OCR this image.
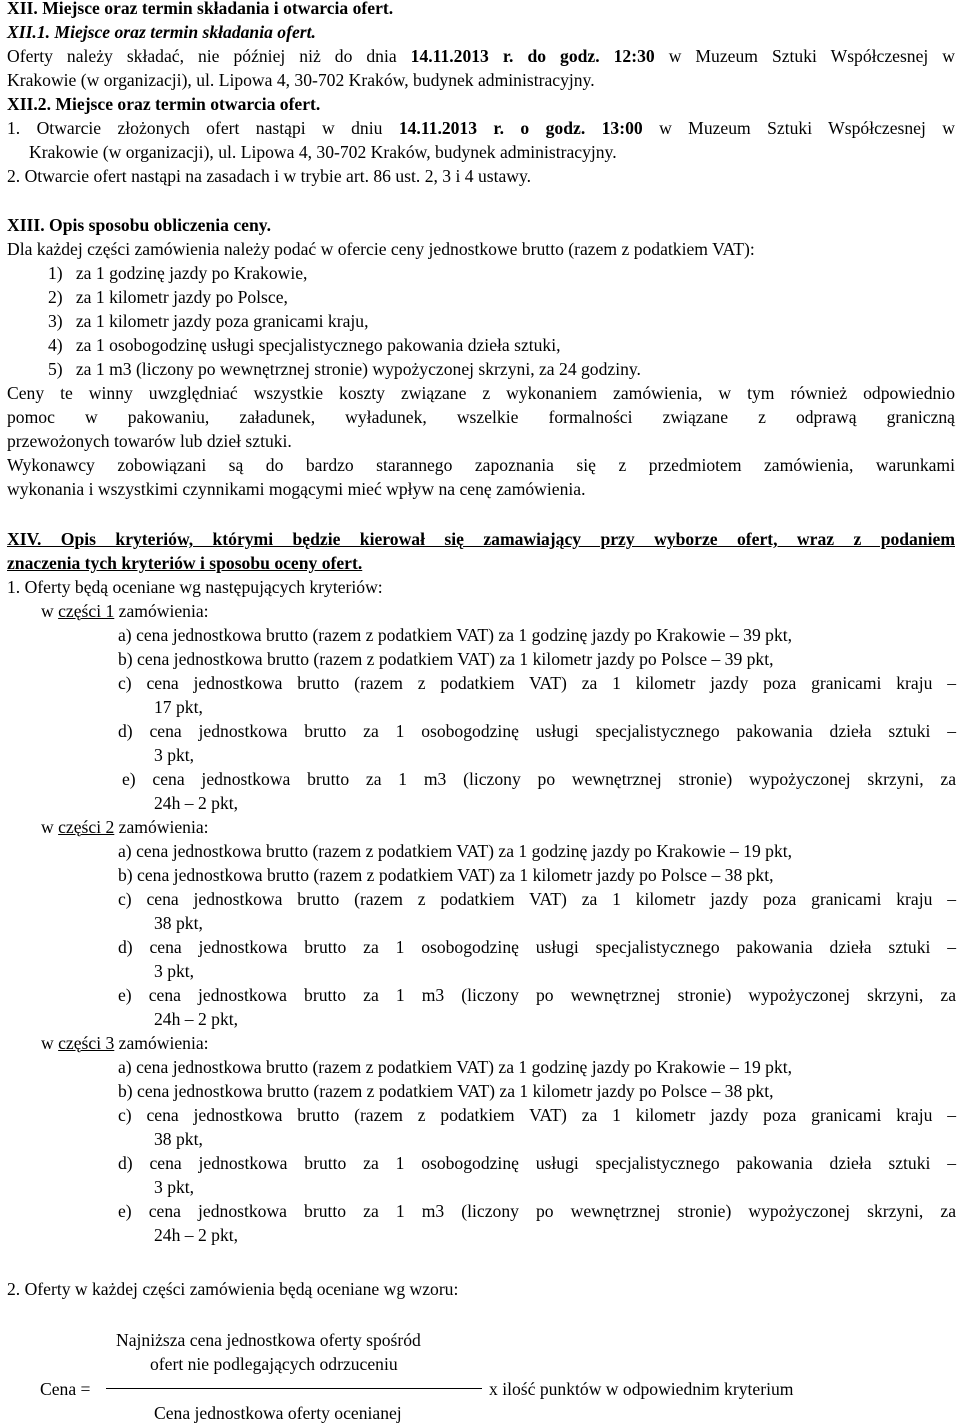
XII. Miejsce oraz termin składania i otwarcia ofert.
XII.1. Miejsce oraz termin składania ofert.
Oferty należy składać, nie później niż do dnia 14.11.2013 r. do godz. 12:30 w Muzeum Sztuki Współczesnej w
Krakowie (w organizacji), ul. Lipowa 4, 30-702 Kraków, budynek administracyjny.
XII.2. Miejsce oraz termin otwarcia ofert.
1. Otwarcie złożonych ofert nastąpi w dniu 14.11.2013 r. o godz. 13:00 w Muzeum Sztuki Współczesnej w
Krakowie (w organizacji), ul. Lipowa 4, 30-702 Kraków, budynek administracyjny.
2. Otwarcie ofert nastąpi na zasadach i w trybie art. 86 ust. 2, 3 i 4 ustawy.
XIII. Opis sposobu obliczenia ceny.
Dla każdej części zamówienia należy podać w ofercie ceny jednostkowe brutto (razem z podatkiem VAT):
1) za 1 godzinę jazdy po Krakowie,
2) za 1 kilometr jazdy po Polsce,
3) za 1 kilometr jazdy poza granicami kraju,
4) za 1 osobogodzinę usługi specjalistycznego pakowania dzieła sztuki,
5) za 1 m3 (liczony po wewnętrznej stronie) wypożyczonej skrzyni, za 24 godziny.
Ceny te winny uwzględniać wszystkie koszty związane z wykonaniem zamówienia, w tym również odpowiednio
pomoc w pakowaniu, załadunek, wyładunek, wszelkie formalności związane z odprawą graniczną
przewożonych towarów lub dzieł sztuki.
Wykonawcy zobowiązani są do bardzo starannego zapoznania się z przedmiotem zamówienia, warunkami
wykonania i wszystkimi czynnikami mogącymi mieć wpływ na cenę zamówienia.
XIV. Opis kryteriów, którymi będzie kierował się zamawiający przy wyborze ofert, wraz z podaniem
znaczenia tych kryteriów i sposobu oceny ofert.
1. Oferty będą oceniane wg następujących kryteriów:
w części 1 zamówienia:
a) cena jednostkowa brutto (razem z podatkiem VAT) za 1 godzinę jazdy po Krakowie – 39 pkt,
b) cena jednostkowa brutto (razem z podatkiem VAT) za 1 kilometr jazdy po Polsce – 39 pkt,
c) cena jednostkowa brutto (razem z podatkiem VAT) za 1 kilometr jazdy poza granicami kraju –
17 pkt,
d) cena jednostkowa brutto za 1 osobogodzinę usługi specjalistycznego pakowania dzieła sztuki –
3 pkt,
e) cena jednostkowa brutto za 1 m3 (liczony po wewnętrznej stronie) wypożyczonej skrzyni, za
24h – 2 pkt,
w części 2 zamówienia:
a) cena jednostkowa brutto (razem z podatkiem VAT) za 1 godzinę jazdy po Krakowie – 19 pkt,
b) cena jednostkowa brutto (razem z podatkiem VAT) za 1 kilometr jazdy po Polsce – 38 pkt,
c) cena jednostkowa brutto (razem z podatkiem VAT) za 1 kilometr jazdy poza granicami kraju –
38 pkt,
d) cena jednostkowa brutto za 1 osobogodzinę usługi specjalistycznego pakowania dzieła sztuki –
3 pkt,
e) cena jednostkowa brutto za 1 m3 (liczony po wewnętrznej stronie) wypożyczonej skrzyni, za
24h – 2 pkt,
w części 3 zamówienia:
a) cena jednostkowa brutto (razem z podatkiem VAT) za 1 godzinę jazdy po Krakowie – 19 pkt,
b) cena jednostkowa brutto (razem z podatkiem VAT) za 1 kilometr jazdy po Polsce – 38 pkt,
c) cena jednostkowa brutto (razem z podatkiem VAT) za 1 kilometr jazdy poza granicami kraju –
38 pkt,
d) cena jednostkowa brutto za 1 osobogodzinę usługi specjalistycznego pakowania dzieła sztuki –
3 pkt,
e) cena jednostkowa brutto za 1 m3 (liczony po wewnętrznej stronie) wypożyczonej skrzyni, za
24h – 2 pkt,
2. Oferty w każdej części zamówienia będą oceniane wg wzoru:
Najniższa cena jednostkowa oferty spośród
ofert nie podlegających odrzuceniu
Cena =	x ilość punktów w odpowiednim kryterium
Cena jednostkowa oferty ocenianej
